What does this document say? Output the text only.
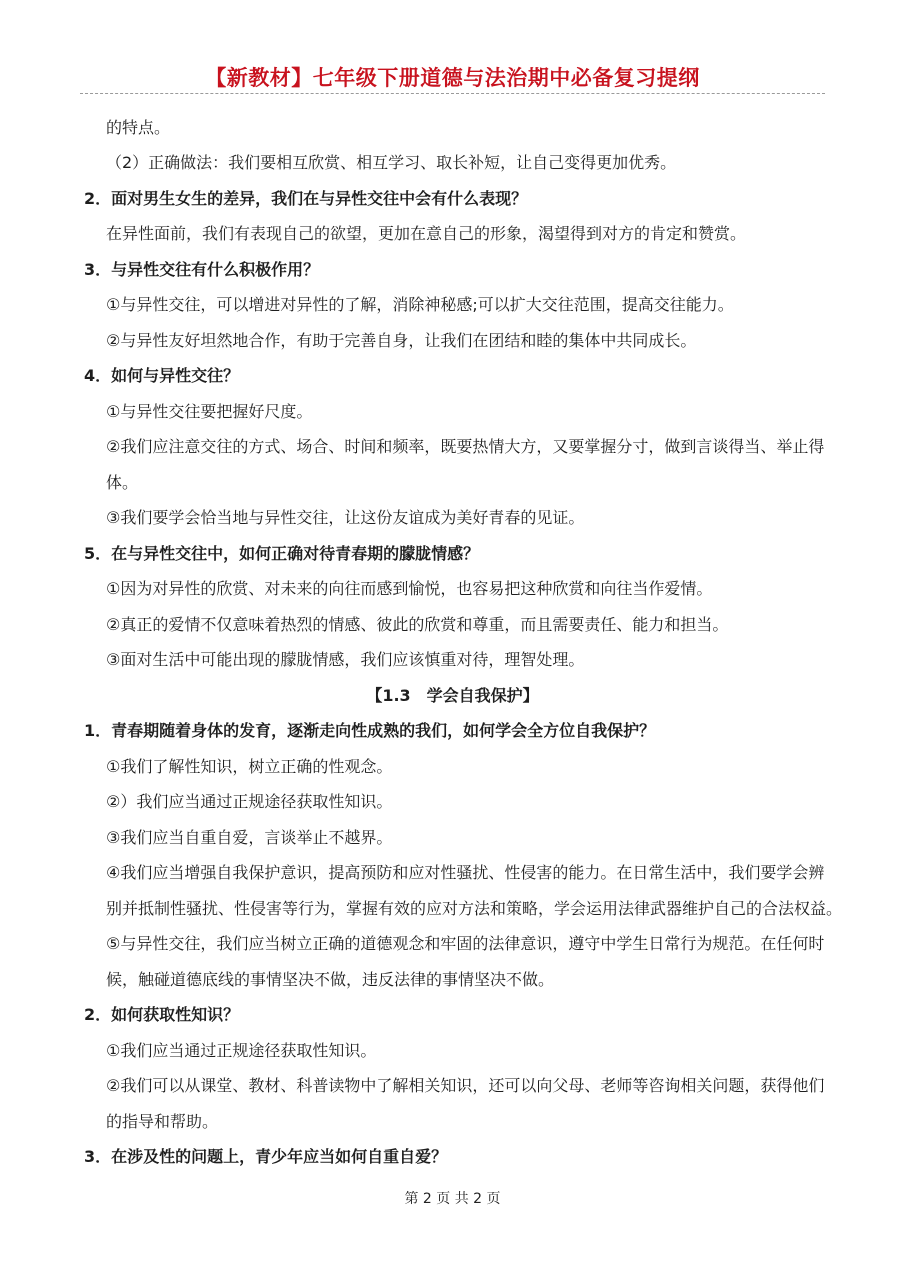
【新教材】七年级下册道德与法治期中必备复习提纲
的特点。
（2）正确做法：我们要相互欣赏、相互学习、取长补短，让自己变得更加优秀。
2．面对男生女生的差异，我们在与异性交往中会有什么表现？
在异性面前，我们有表现自己的欲望，更加在意自己的形象，渴望得到对方的肯定和赞赏。
3．与异性交往有什么积极作用？
①与异性交往，可以增进对异性的了解，消除神秘感;可以扩大交往范围，提高交往能力。
②与异性友好坦然地合作，有助于完善自身，让我们在团结和睦的集体中共同成长。
4．如何与异性交往？
①与异性交往要把握好尺度。
②我们应注意交往的方式、场合、时间和频率，既要热情大方，又要掌握分寸，做到言谈得当、举止得
体。
③我们要学会恰当地与异性交往，让这份友谊成为美好青春的见证。
5．在与异性交往中，如何正确对待青春期的朦胧情感？
①因为对异性的欣赏、对未来的向往而感到愉悦，也容易把这种欣赏和向往当作爱情。
②真正的爱情不仅意味着热烈的情感、彼此的欣赏和尊重，而且需要责任、能力和担当。
③面对生活中可能出现的朦胧情感，我们应该慎重对待，理智处理。
【1.3　学会自我保护】
1．青春期随着身体的发育，逐渐走向性成熟的我们，如何学会全方位自我保护？
①我们了解性知识，树立正确的性观念。
②）我们应当通过正规途径获取性知识。
③我们应当自重自爱，言谈举止不越界。
④我们应当增强自我保护意识，提高预防和应对性骚扰、性侵害的能力。在日常生活中，我们要学会辨
别并抵制性骚扰、性侵害等行为，掌握有效的应对方法和策略，学会运用法律武器维护自己的合法权益。
⑤与异性交往，我们应当树立正确的道德观念和牢固的法律意识，遵守中学生日常行为规范。在任何时
候，触碰道德底线的事情坚决不做，违反法律的事情坚决不做。
2．如何获取性知识？
①我们应当通过正规途径获取性知识。
②我们可以从课堂、教材、科普读物中了解相关知识，还可以向父母、老师等咨询相关问题，获得他们
的指导和帮助。
3．在涉及性的问题上，青少年应当如何自重自爱？
第 2 页 共 2 页
